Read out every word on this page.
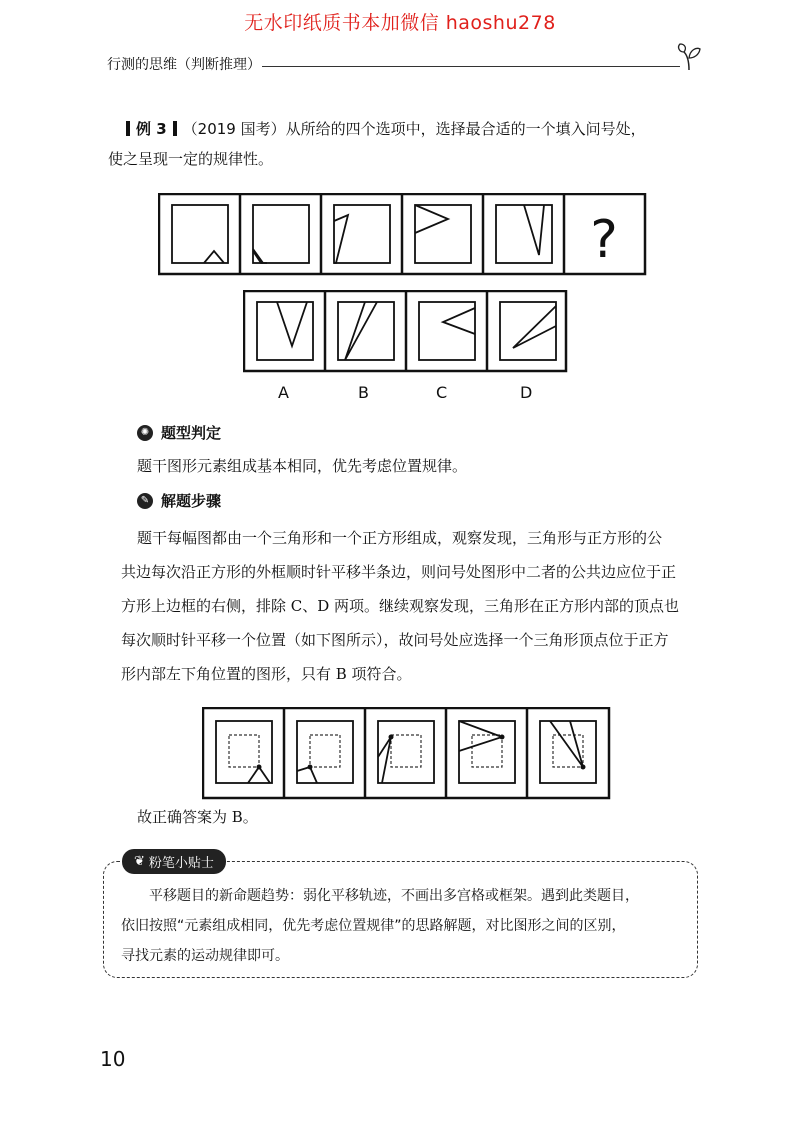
无水印纸质书本加微信 haoshu278
行测的思维（判断推理）
例 3 （2019 国考）从所给的四个选项中，选择最合适的一个填入问号处，
使之呈现一定的规律性。
?
A	B	C	D
✺ 题型判定
题干图形元素组成基本相同，优先考虑位置规律。
✎ 解题步骤

题干每幅图都由一个三角形和一个正方形组成，观察发现，三角形与正方形的公

共边每次沿正方形的外框顺时针平移半条边，则问号处图形中二者的公共边应位于正

方形上边框的右侧，排除 C、D 两项。继续观察发现，三角形在正方形内部的顶点也

每次顺时针平移一个位置（如下图所示），故问号处应选择一个三角形顶点位于正方

形内部左下角位置的图形，只有 B 项符合。

故正确答案为 B。
❦ 粉笔小贴士

平移题目的新命题趋势：弱化平移轨迹，不画出多宫格或框架。遇到此类题目，

依旧按照“元素组成相同，优先考虑位置规律”的思路解题，对比图形之间的区别，

寻找元素的运动规律即可。

10
